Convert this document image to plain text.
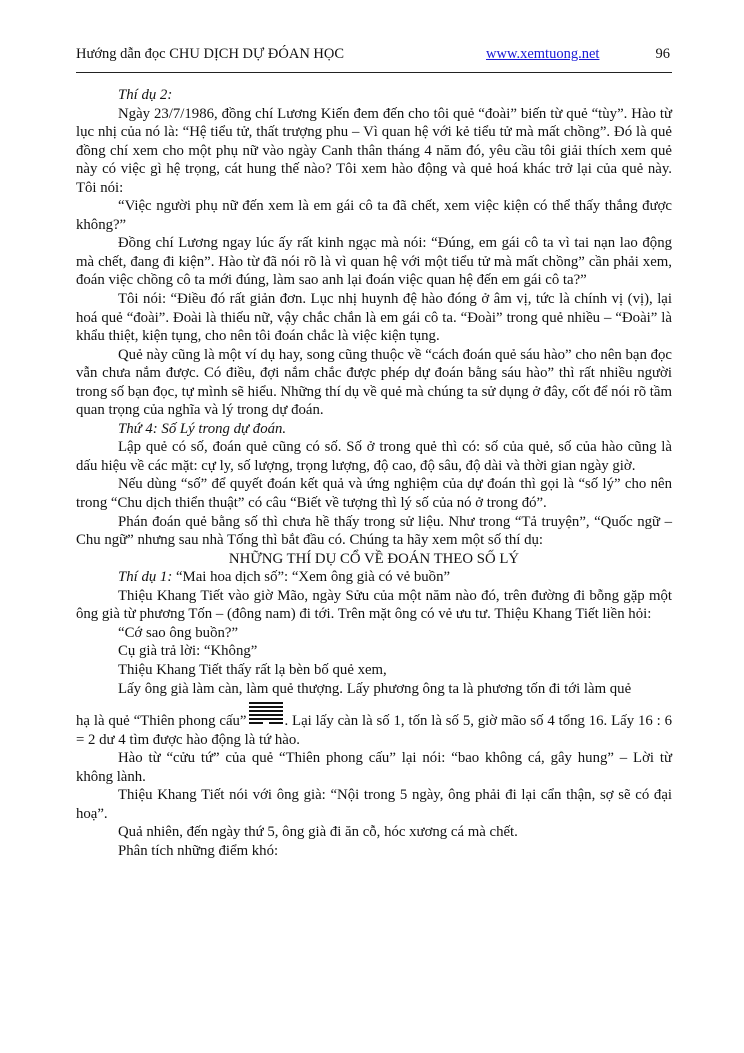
Hướng dẫn đọc CHU DỊCH DỰ ĐÓAN HỌC	www.xemtuong.net	96

Thí dụ 2:

Ngày 23/7/1986, đồng chí Lương Kiến đem đến cho tôi quẻ “đoài” biến từ quẻ “tùy”. Hào từ lục nhị của nó là: “Hệ tiểu tử, thất trượng phu – Vì quan hệ với kẻ tiểu tử mà mất chồng”. Đó là quẻ đồng chí xem cho một phụ nữ vào ngày Canh thân tháng 4 năm đó, yêu cầu tôi giải thích xem quẻ này có việc gì hệ trọng, cát hung thế nào? Tôi xem hào động và quẻ hoá khác trở lại của quẻ này. Tôi nói:

“Việc người phụ nữ đến xem là em gái cô ta đã chết, xem việc kiện có thể thấy thắng được không?”

Đồng chí Lương ngay lúc ấy rất kinh ngạc mà nói: “Đúng, em gái cô ta vì tai nạn lao động mà chết, đang đi kiện”. Hào từ đã nói rõ là vì quan hệ với một tiểu tử mà mất chồng” cần phải xem, đoán việc chồng cô ta mới đúng, làm sao anh lại đoán việc quan hệ đến em gái cô ta?”

Tôi nói: “Điều đó rất giản đơn. Lục nhị huynh đệ hào đóng ở âm vị, tức là chính vị (vị), lại hoá quẻ “đoài”. Đoài là thiếu nữ, vậy chắc chắn là em gái cô ta. “Đoài” trong quẻ nhiều – “Đoài” là khẩu thiệt, kiện tụng, cho nên tôi đoán chắc là việc kiện tụng.

Quẻ này cũng là một ví dụ hay, song cũng thuộc về “cách đoán quẻ sáu hào” cho nên bạn đọc vẫn chưa nắm được. Có điều, đợi nắm chắc được phép dự đoán bằng sáu hào” thì rất nhiều người trong số bạn đọc, tự mình sẽ hiểu. Những thí dụ về quẻ mà chúng ta sử dụng ở đây, cốt để nói rõ tầm quan trọng của nghĩa và lý trong dự đoán.

Thứ 4: Số Lý trong dự đoán.

Lập quẻ có số, đoán quẻ cũng có số. Số ở trong quẻ thì có: số của quẻ, số của hào cũng là dấu hiệu về các mặt: cự ly, số lượng, trọng lượng, độ cao, độ sâu, độ dài và thời gian ngày giờ.

Nếu dùng “số” để quyết đoán kết quả và ứng nghiệm của dự đoán thì gọi là “số lý” cho nên trong “Chu dịch thiển thuật” có câu “Biết về tượng thì lý số của nó ở trong đó”.

Phán đoán quẻ bằng số thì chưa hề thấy trong sử liệu. Như trong “Tả truyện”, “Quốc ngữ – Chu ngữ” nhưng sau nhà Tống thì bắt đầu có. Chúng ta hãy xem một số thí dụ:

NHỮNG THÍ DỤ CỔ VỀ ĐOÁN THEO SỐ LÝ

Thí dụ 1: “Mai hoa dịch số”: “Xem ông già có vẻ buồn”

Thiệu Khang Tiết vào giờ Mão, ngày Sửu của một năm nào đó, trên đường đi bỗng gặp một ông già từ phương Tốn – (đông nam) đi tới. Trên mặt ông có vẻ ưu tư. Thiệu Khang Tiết liền hỏi:

“Cớ sao ông buồn?”

Cụ già trả lời: “Không”

Thiệu Khang Tiết thấy rất lạ bèn bố quẻ xem,

Lấy ông già làm càn, làm quẻ thượng. Lấy phương ông ta là phương tốn đi tới làm quẻ

hạ là quẻ “Thiên phong cấu”	. Lại lấy càn là số 1, tốn là số 5, giờ mão số 4 tổng 16. Lấy 16 : 6 = 2 dư 4 tìm được hào động là tứ hào.

Hào từ “cửu tứ” của quẻ “Thiên phong cấu” lại nói: “bao không cá, gây hung” – Lời từ không lành.

Thiệu Khang Tiết nói với ông già: “Nội trong 5 ngày, ông phải đi lại cẩn thận, sợ sẽ có đại hoạ”.

Quả nhiên, đến ngày thứ 5, ông già đi ăn cỗ, hóc xương cá mà chết.

Phân tích những điểm khó:
